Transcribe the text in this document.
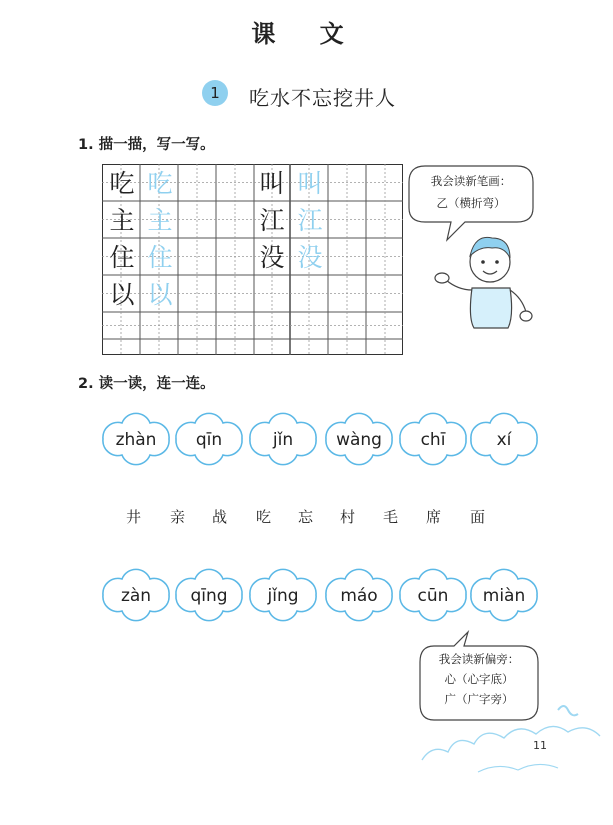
课 文
1	吃水不忘挖井人
1. 描一描，写一写。
吃 吃
主 主
住 住
以 以
叫 叫
江 江
没 没
我会读新笔画：
乙（横折弯）
2. 读一读，连一连。
zhàn qīn	jǐn	wàng chī	xí
井 亲 战 吃 忘 村 毛 席 面
zàn qīng jǐng máo cūn miàn
我会读新偏旁：
心（心字底）
广（广字旁）
11
